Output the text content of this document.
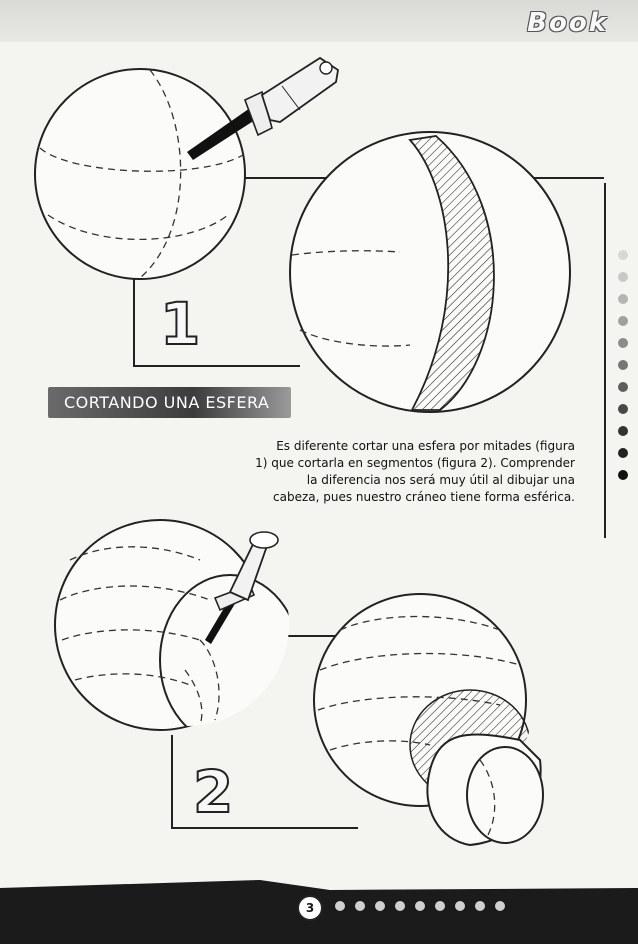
Book
1
2
CORTANDO UNA ESFERA
Es diferente cortar una esfera por mitades (figura
1) que cortarla en segmentos (figura 2). Comprender
la diferencia nos será muy útil al dibujar una
cabeza, pues nuestro cráneo tiene forma esférica.
3
